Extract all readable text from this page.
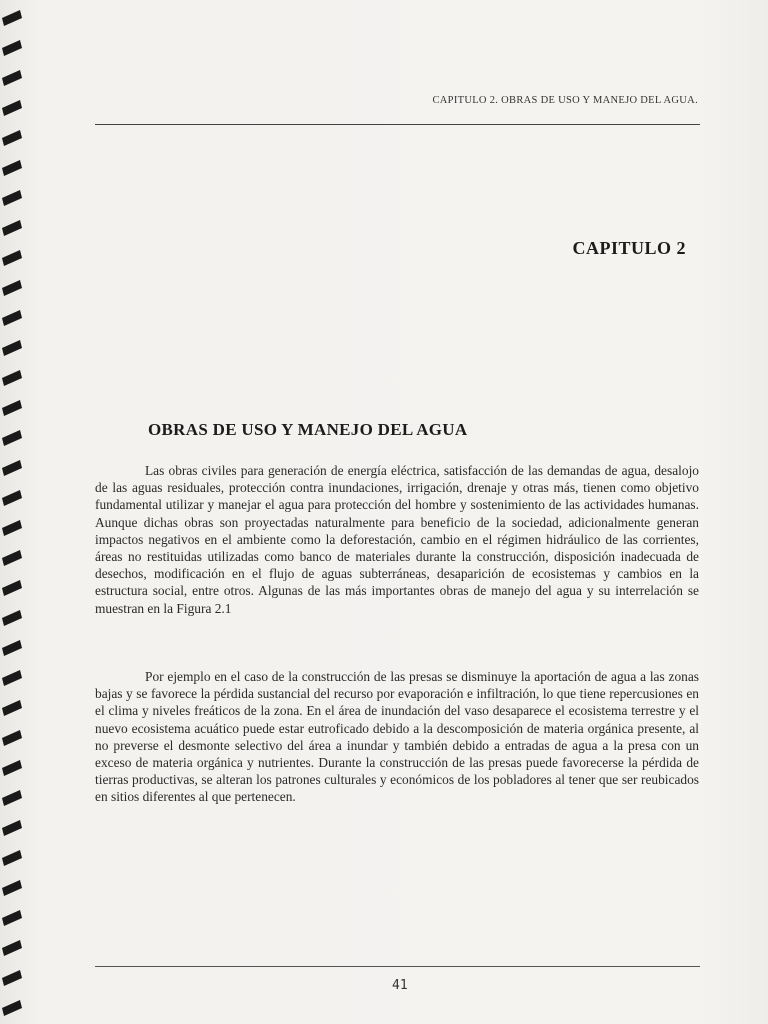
CAPITULO 2. OBRAS DE USO Y MANEJO DEL AGUA.
CAPITULO 2
OBRAS DE USO Y MANEJO DEL AGUA

Las obras civiles para generación de energía eléctrica, satisfacción de las demandas de agua, desalojo de las aguas residuales, protección contra inundaciones, irrigación, drenaje y otras más, tienen como objetivo fundamental utilizar y manejar el agua para protección del hombre y sostenimiento de las actividades humanas. Aunque dichas obras son proyectadas naturalmente para beneficio de la sociedad, adicionalmente generan impactos negativos en el ambiente como la deforestación, cambio en el régimen hidráulico de las corrientes, áreas no restituidas utilizadas como banco de materiales durante la construcción, disposición inadecuada de desechos, modificación en el flujo de aguas subterráneas, desaparición de ecosistemas y cambios en la estructura social, entre otros. Algunas de las más importantes obras de manejo del agua y su interrelación se muestran en la Figura 2.1

Por ejemplo en el caso de la construcción de las presas se disminuye la aportación de agua a las zonas bajas y se favorece la pérdida sustancial del recurso por evaporación e infiltración, lo que tiene repercusiones en el clima y niveles freáticos de la zona. En el área de inundación del vaso desaparece el ecosistema terrestre y el nuevo ecosistema acuático puede estar eutroficado debido a la descomposición de materia orgánica presente, al no preverse el desmonte selectivo del área a inundar y también debido a entradas de agua a la presa con un exceso de materia orgánica y nutrientes. Durante la construcción de las presas puede favorecerse la pérdida de tierras productivas, se alteran los patrones culturales y económicos de los pobladores al tener que ser reubicados en sitios diferentes al que pertenecen.

41
